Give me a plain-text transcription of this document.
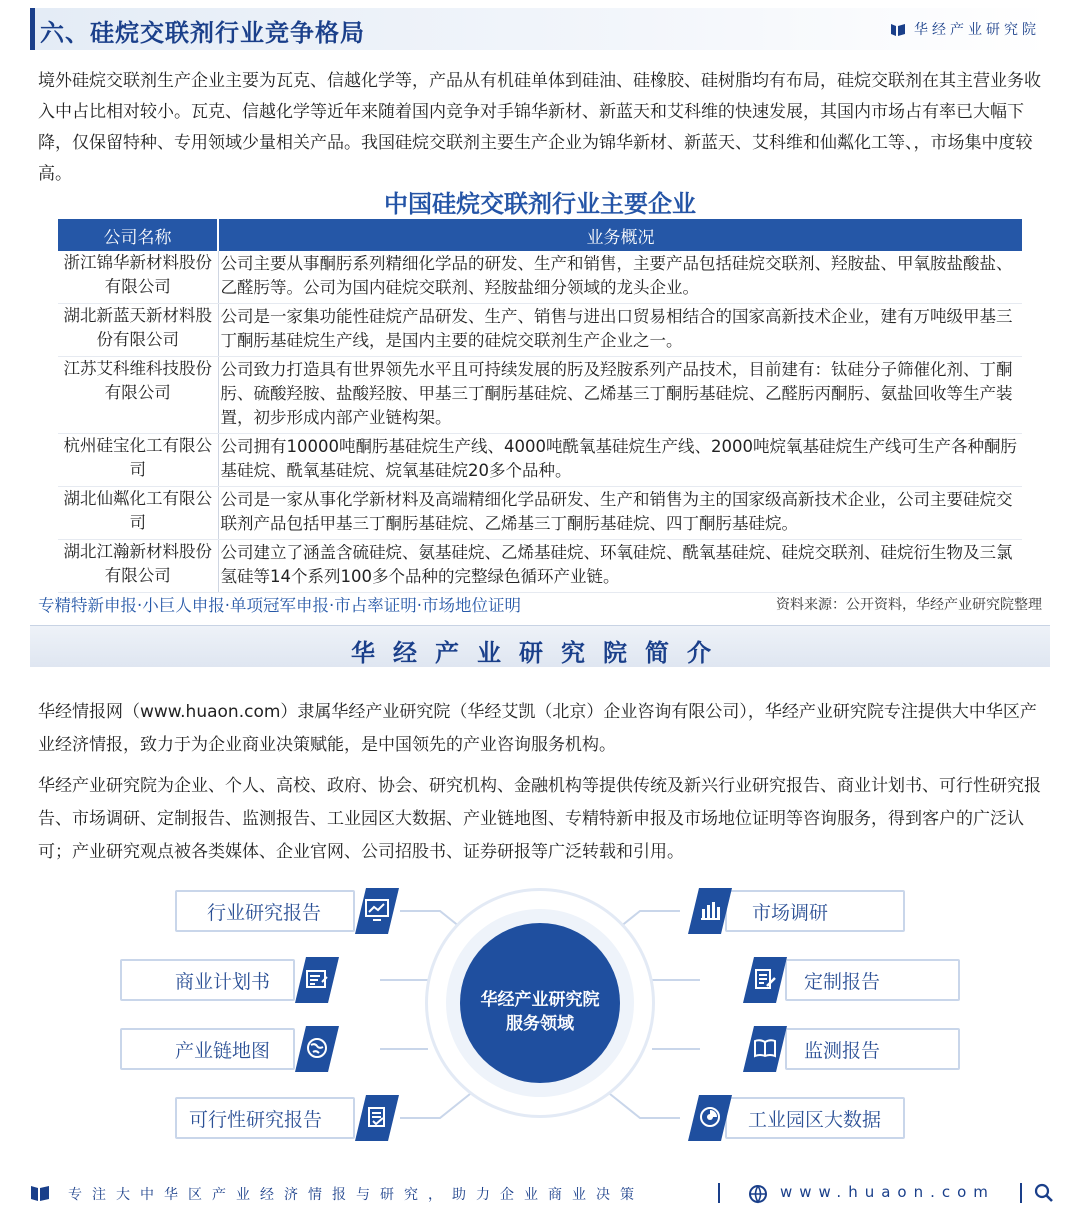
六、硅烷交联剂行业竞争格局	华经产业研究院
境外硅烷交联剂生产企业主要为瓦克、信越化学等，产品从有机硅单体到硅油、硅橡胶、硅树脂均有布局，硅烷交联剂在其主营业务收入中占比相对较小。瓦克、信越化学等近年来随着国内竞争对手锦华新材、新蓝天和艾科维的快速发展，其国内市场占有率已大幅下降，仅保留特种、专用领域少量相关产品。我国硅烷交联剂主要生产企业为锦华新材、新蓝天、艾科维和仙粼化工等、，市场集中度较高。
中国硅烷交联剂行业主要企业
公司名称	业务概况
浙江锦华新材料股份有限公司	公司主要从事酮肟系列精细化学品的研发、生产和销售，主要产品包括硅烷交联剂、羟胺盐、甲氧胺盐酸盐、乙醛肟等。公司为国内硅烷交联剂、羟胺盐细分领域的龙头企业。
湖北新蓝天新材料股份有限公司	公司是一家集功能性硅烷产品研发、生产、销售与进出口贸易相结合的国家高新技术企业，建有万吨级甲基三丁酮肟基硅烷生产线，是国内主要的硅烷交联剂生产企业之一。
江苏艾科维科技股份有限公司	公司致力打造具有世界领先水平且可持续发展的肟及羟胺系列产品技术，目前建有：钛硅分子筛催化剂、丁酮肟、硫酸羟胺、盐酸羟胺、甲基三丁酮肟基硅烷、乙烯基三丁酮肟基硅烷、乙醛肟丙酮肟、氨盐回收等生产装置，初步形成内部产业链构架。
杭州硅宝化工有限公司	公司拥有10000吨酮肟基硅烷生产线、4000吨酰氧基硅烷生产线、2000吨烷氧基硅烷生产线可生产各种酮肟基硅烷、酰氧基硅烷、烷氧基硅烷20多个品种。
湖北仙粼化工有限公司	公司是一家从事化学新材料及高端精细化学品研发、生产和销售为主的国家级高新技术企业，公司主要硅烷交联剂产品包括甲基三丁酮肟基硅烷、乙烯基三丁酮肟基硅烷、四丁酮肟基硅烷。
湖北江瀚新材料股份有限公司	公司建立了涵盖含硫硅烷、氨基硅烷、乙烯基硅烷、环氧硅烷、酰氧基硅烷、硅烷交联剂、硅烷衍生物及三氯氢硅等14个系列100多个品种的完整绿色循环产业链。
专精特新申报·小巨人申报·单项冠军申报·市占率证明·市场地位证明	资料来源：公开资料，华经产业研究院整理
华经产业研究院简介
华经情报网（www.huaon.com）隶属华经产业研究院（华经艾凯（北京）企业咨询有限公司），华经产业研究院专注提供大中华区产业经济情报，致力于为企业商业决策赋能，是中国领先的产业咨询服务机构。
华经产业研究院为企业、个人、高校、政府、协会、研究机构、金融机构等提供传统及新兴行业研究报告、商业计划书、可行性研究报告、市场调研、定制报告、监测报告、工业园区大数据、产业链地图、专精特新申报及市场地位证明等咨询服务，得到客户的广泛认可；产业研究观点被各类媒体、企业官网、公司招股书、证券研报等广泛转载和引用。
华经产业研究院
服务领域
行业研究报告
商业计划书
产业链地图
可行性研究报告
市场调研
定制报告
监测报告
工业园区大数据
专注大中华区产业经济情报与研究，助力企业商业决策	www.huaon.com
